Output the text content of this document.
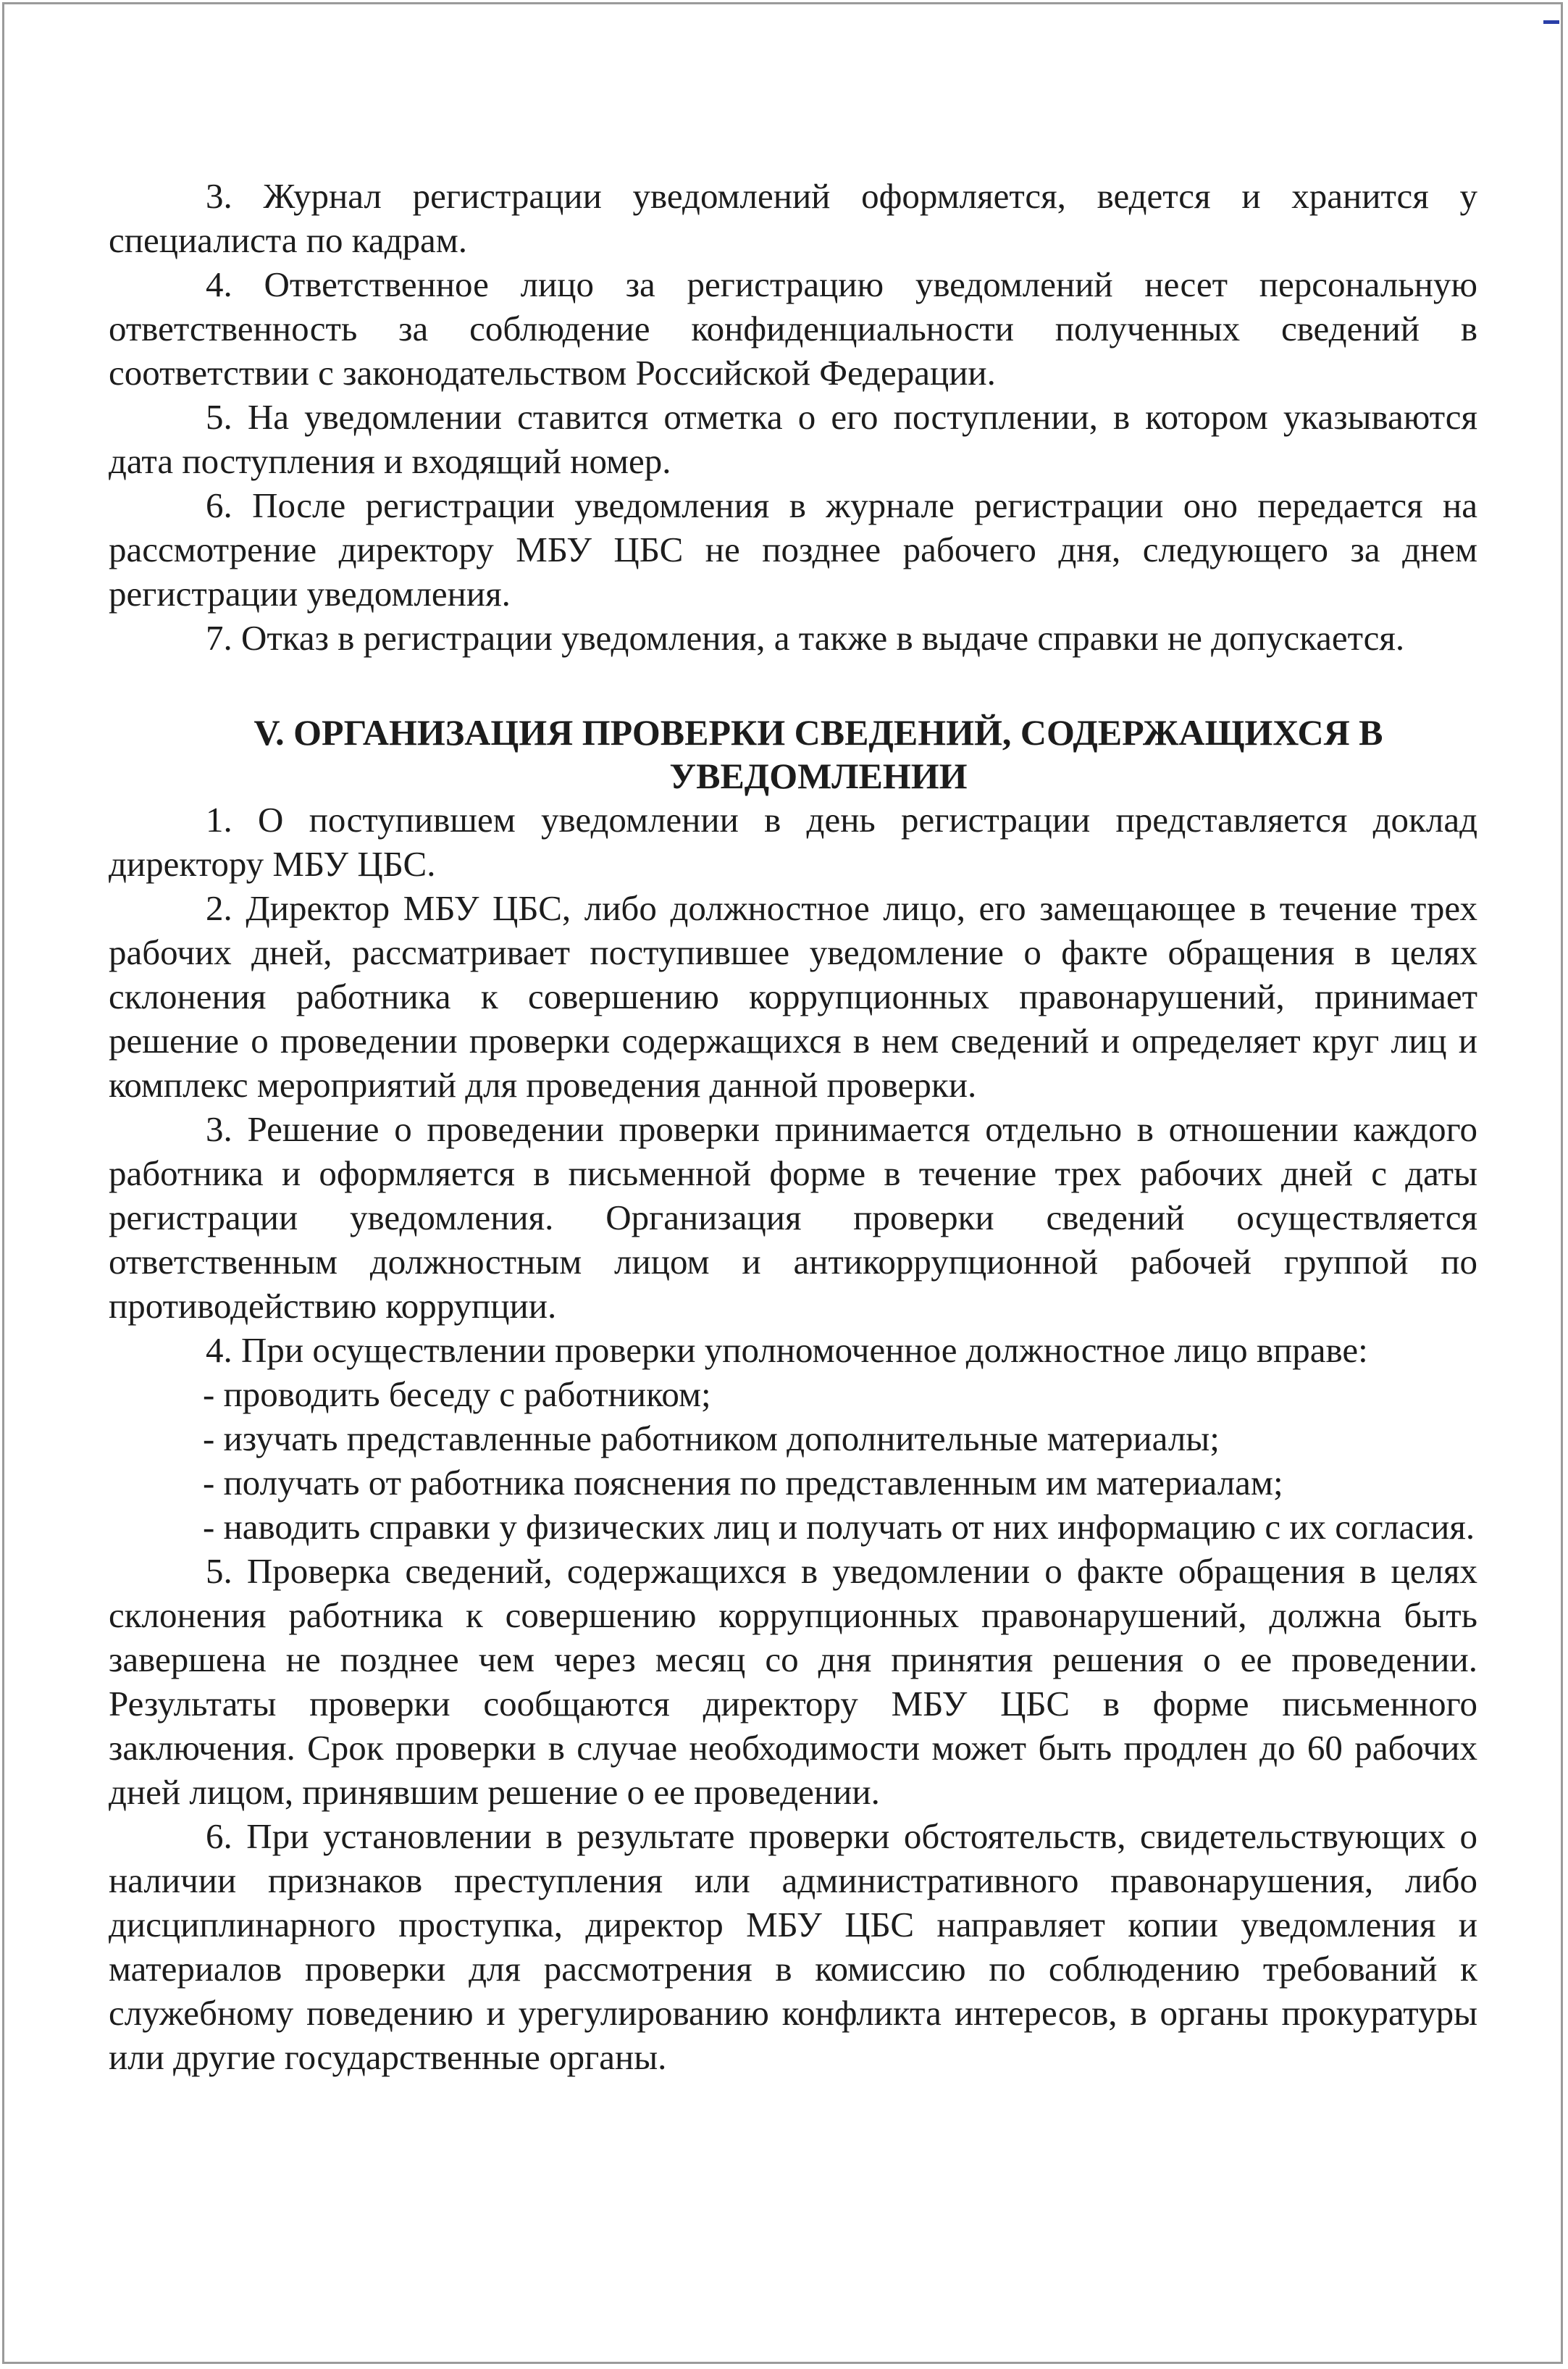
3. Журнал регистрации уведомлений оформляется, ведется и хранится у специалиста по кадрам.

4. Ответственное лицо за регистрацию уведомлений несет персональную ответственность за соблюдение конфиденциальности полученных сведений в соответствии с законодательством Российской Федерации.

5. На уведомлении ставится отметка о его поступлении, в котором указываются дата поступления и входящий номер.

6. После регистрации уведомления в журнале регистрации оно передается на рассмотрение директору МБУ ЦБС не позднее рабочего дня, следующего за днем регистрации уведомления.

7. Отказ в регистрации уведомления, а также в выдаче справки не допускается.

V. ОРГАНИЗАЦИЯ ПРОВЕРКИ СВЕДЕНИЙ, СОДЕРЖАЩИХСЯ В
УВЕДОМЛЕНИИ

1. О поступившем уведомлении в день регистрации представляется доклад директору МБУ ЦБС.

2. Директор МБУ ЦБС, либо должностное лицо, его замещающее в течение трех рабочих дней, рассматривает поступившее уведомление о факте обращения в целях склонения работника к совершению коррупционных правонарушений, принимает решение о проведении проверки содержащихся в нем сведений и определяет круг лиц и комплекс мероприятий для проведения данной проверки.

3. Решение о проведении проверки принимается отдельно в отношении каждого работника и оформляется в письменной форме в течение трех рабочих дней с даты регистрации уведомления. Организация проверки сведений осуществляется ответственным должностным лицом и антикоррупционной рабочей группой по противодействию коррупции.

4. При осуществлении проверки уполномоченное должностное лицо вправе:

- проводить беседу с работником;

- изучать представленные работником дополнительные материалы;

- получать от работника пояснения по представленным им материалам;

- наводить справки у физических лиц и получать от них информацию с их согласия.

5. Проверка сведений, содержащихся в уведомлении о факте обращения в целях склонения работника к совершению коррупционных правонарушений, должна быть завершена не позднее чем через месяц со дня принятия решения о ее проведении. Результаты проверки сообщаются директору МБУ ЦБС в форме письменного заключения. Срок проверки в случае необходимости может быть продлен до 60 рабочих дней лицом, принявшим решение о ее проведении.

6. При установлении в результате проверки обстоятельств, свидетельствующих о наличии признаков преступления или административного правонарушения, либо дисциплинарного проступка, директор МБУ ЦБС направляет копии уведомления и материалов проверки для рассмотрения в комиссию по соблюдению требований к служебному поведению и урегулированию конфликта интересов, в органы прокуратуры или другие государственные органы.
